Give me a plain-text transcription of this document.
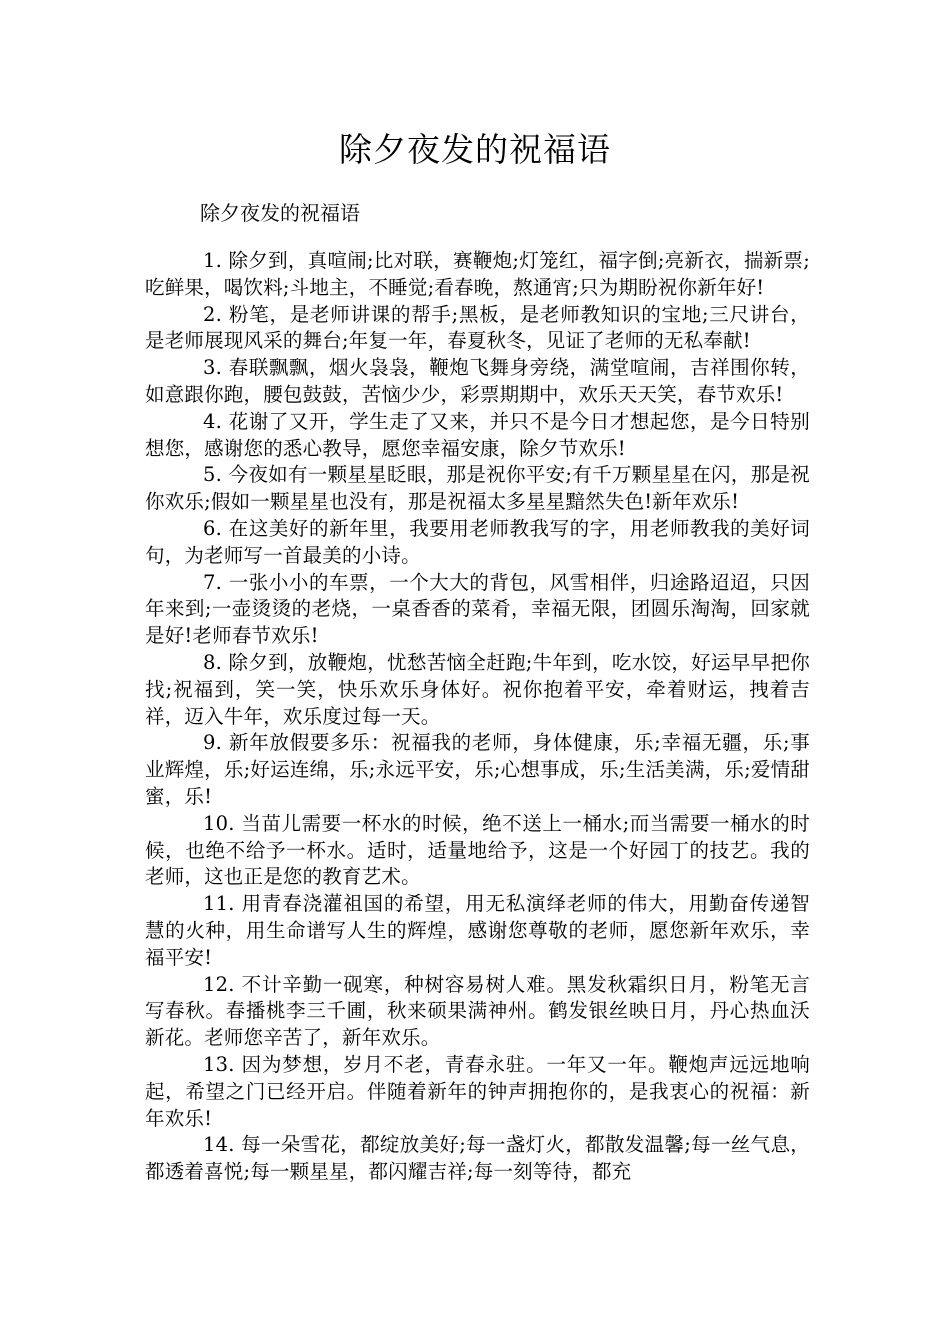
除夕夜发的祝福语
除夕夜发的祝福语

1. 除夕到，真喧闹;比对联，赛鞭炮;灯笼红，福字倒;亮新衣，揣新票;吃鲜果，喝饮料;斗地主，不睡觉;看春晚，熬通宵;只为期盼祝你新年好!

2. 粉笔，是老师讲课的帮手;黑板，是老师教知识的宝地;三尺讲台，是老师展现风采的舞台;年复一年，春夏秋冬，见证了老师的无私奉献!

3. 春联飘飘，烟火袅袅，鞭炮飞舞身旁绕，满堂喧闹，吉祥围你转，如意跟你跑，腰包鼓鼓，苦恼少少，彩票期期中，欢乐天天笑，春节欢乐!

4. 花谢了又开，学生走了又来，并只不是今日才想起您，是今日特别想您，感谢您的悉心教导，愿您幸福安康，除夕节欢乐!

5. 今夜如有一颗星星眨眼，那是祝你平安;有千万颗星星在闪，那是祝你欢乐;假如一颗星星也没有，那是祝福太多星星黯然失色!新年欢乐!

6. 在这美好的新年里，我要用老师教我写的字，用老师教我的美好词句，为老师写一首最美的小诗。

7. 一张小小的车票，一个大大的背包，风雪相伴，归途路迢迢，只因年来到;一壶烫烫的老烧，一桌香香的菜肴，幸福无限，团圆乐淘淘，回家就是好!老师春节欢乐!

8. 除夕到，放鞭炮，忧愁苦恼全赶跑;牛年到，吃水饺，好运早早把你找;祝福到，笑一笑，快乐欢乐身体好。祝你抱着平安，牵着财运，拽着吉祥，迈入牛年，欢乐度过每一天。

9. 新年放假要多乐：祝福我的老师，身体健康，乐;幸福无疆，乐;事业辉煌，乐;好运连绵，乐;永远平安，乐;心想事成，乐;生活美满，乐;爱情甜蜜，乐!

10. 当苗儿需要一杯水的时候，绝不送上一桶水;而当需要一桶水的时候，也绝不给予一杯水。适时，适量地给予，这是一个好园丁的技艺。我的老师，这也正是您的教育艺术。

11. 用青春浇灌祖国的希望，用无私演绎老师的伟大，用勤奋传递智慧的火种，用生命谱写人生的辉煌，感谢您尊敬的老师，愿您新年欢乐，幸福平安!

12. 不计辛勤一砚寒，种树容易树人难。黑发秋霜织日月，粉笔无言写春秋。春播桃李三千圃，秋来硕果满神州。鹤发银丝映日月，丹心热血沃新花。老师您辛苦了，新年欢乐。

13. 因为梦想，岁月不老，青春永驻。一年又一年。鞭炮声远远地响起，希望之门已经开启。伴随着新年的钟声拥抱你的，是我衷心的祝福：新年欢乐!

14. 每一朵雪花，都绽放美好;每一盏灯火，都散发温馨;每一丝气息，都透着喜悦;每一颗星星，都闪耀吉祥;每一刻等待，都充
